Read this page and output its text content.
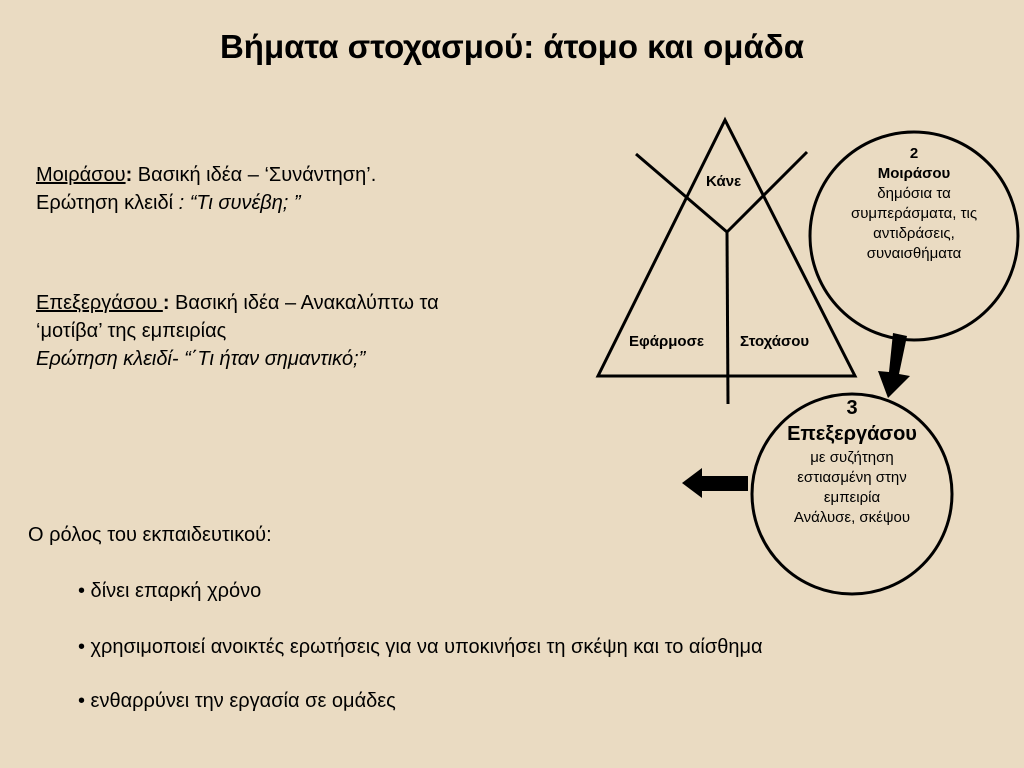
Βήματα στοχασμού: άτομο και ομάδα
Μοιράσου: Βασική ιδέα – ‘Συνάντηση’.
Ερώτηση κλειδί : “Τι συνέβη; ”
Επεξεργάσου : Βασική ιδέα – Ανακαλύπτω τα
‘μοτίβα’ της εμπειρίας
Ερώτηση κλειδί- “΄Τι ήταν σημαντικό;”
Ο ρόλος του εκπαιδευτικού:
• δίνει επαρκή χρόνο
• χρησιμοποιεί ανοικτές ερωτήσεις για να υποκινήσει τη σκέψη και το αίσθημα
• ενθαρρύνει την εργασία σε ομάδες
Κάνε
Εφάρμοσε Στοχάσου
2
Μοιράσου
δημόσια τα
συμπεράσματα, τις
αντιδράσεις,
συναισθήματα
3
Επεξεργάσου
με συζήτηση
εστιασμένη στην
εμπειρία
Ανάλυσε, σκέψου
